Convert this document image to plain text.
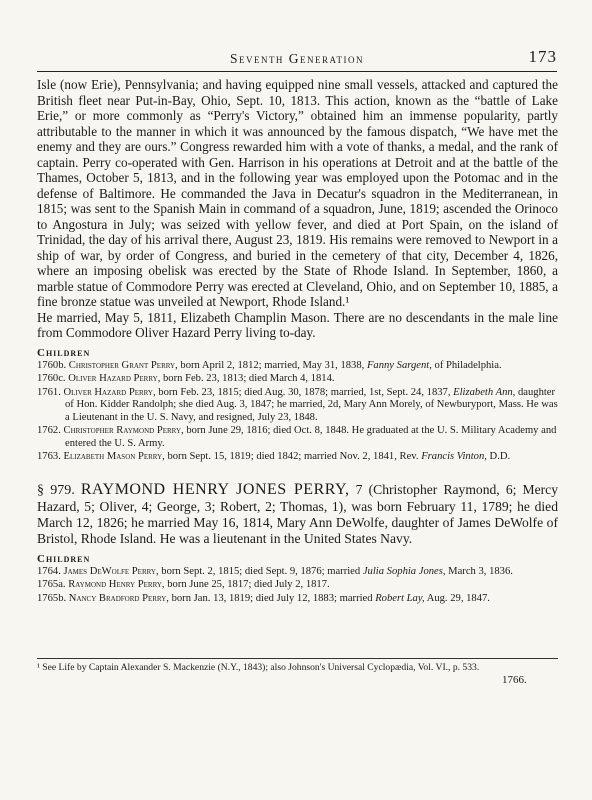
Seventh Generation	173

Isle (now Erie), Pennsylvania; and having equipped nine small vessels, attacked and captured the British fleet near Put-in-Bay, Ohio, Sept. 10, 1813. This action, known as the “battle of Lake Erie,” or more commonly as “Perry's Victory,” obtained him an immense popularity, partly attributable to the manner in which it was announced by the famous dispatch, “We have met the enemy and they are ours.” Congress rewarded him with a vote of thanks, a medal, and the rank of captain. Perry co-operated with Gen. Harrison in his operations at Detroit and at the battle of the Thames, October 5, 1813, and in the following year was employed upon the Potomac and in the defense of Baltimore. He commanded the Java in Decatur's squadron in the Mediterranean, in 1815; was sent to the Spanish Main in command of a squadron, June, 1819; ascended the Orinoco to Angostura in July; was seized with yellow fever, and died at Port Spain, on the island of Trinidad, the day of his arrival there, August 23, 1819. His remains were removed to Newport in a ship of war, by order of Congress, and buried in the cemetery of that city, December 4, 1826, where an imposing obelisk was erected by the State of Rhode Island. In September, 1860, a marble statue of Commodore Perry was erected at Cleveland, Ohio, and on September 10, 1885, a fine bronze statue was unveiled at Newport, Rhode Island.¹

He married, May 5, 1811, Elizabeth Champlin Mason. There are no descendants in the male line from Commodore Oliver Hazard Perry living to-day.

Children

1760b. Christopher Grant Perry, born April 2, 1812; married, May 31, 1838, Fanny Sargent, of Philadelphia.

1760c. Oliver Hazard Perry, born Feb. 23, 1813; died March 4, 1814.

1761. Oliver Hazard Perry, born Feb. 23, 1815; died Aug. 30, 1878; married, 1st, Sept. 24, 1837, Elizabeth Ann, daughter of Hon. Kidder Randolph; she died Aug. 3, 1847; he married, 2d, Mary Ann Morely, of Newburyport, Mass. He was a Lieutenant in the U. S. Navy, and resigned, July 23, 1848.

1762. Christopher Raymond Perry, born June 29, 1816; died Oct. 8, 1848. He graduated at the U. S. Military Academy and entered the U. S. Army.

1763. Elizabeth Mason Perry, born Sept. 15, 1819; died 1842; married Nov. 2, 1841, Rev. Francis Vinton, D.D.

§ 979. RAYMOND HENRY JONES PERRY, 7 (Christopher Raymond, 6; Mercy Hazard, 5; Oliver, 4; George, 3; Robert, 2; Thomas, 1), was born February 11, 1789; he died March 12, 1826; he married May 16, 1814, Mary Ann DeWolfe, daughter of James DeWolfe of Bristol, Rhode Island. He was a lieutenant in the United States Navy.

Children

1764. James DeWolfe Perry, born Sept. 2, 1815; died Sept. 9, 1876; married Julia Sophia Jones, March 3, 1836.

1765a. Raymond Henry Perry, born June 25, 1817; died July 2, 1817.

1765b. Nancy Bradford Perry, born Jan. 13, 1819; died July 12, 1883; married Robert Lay, Aug. 29, 1847.

¹ See Life by Captain Alexander S. Mackenzie (N.Y., 1843); also Johnson's Universal Cyclopædia, Vol. VI., p. 533.
1766.
